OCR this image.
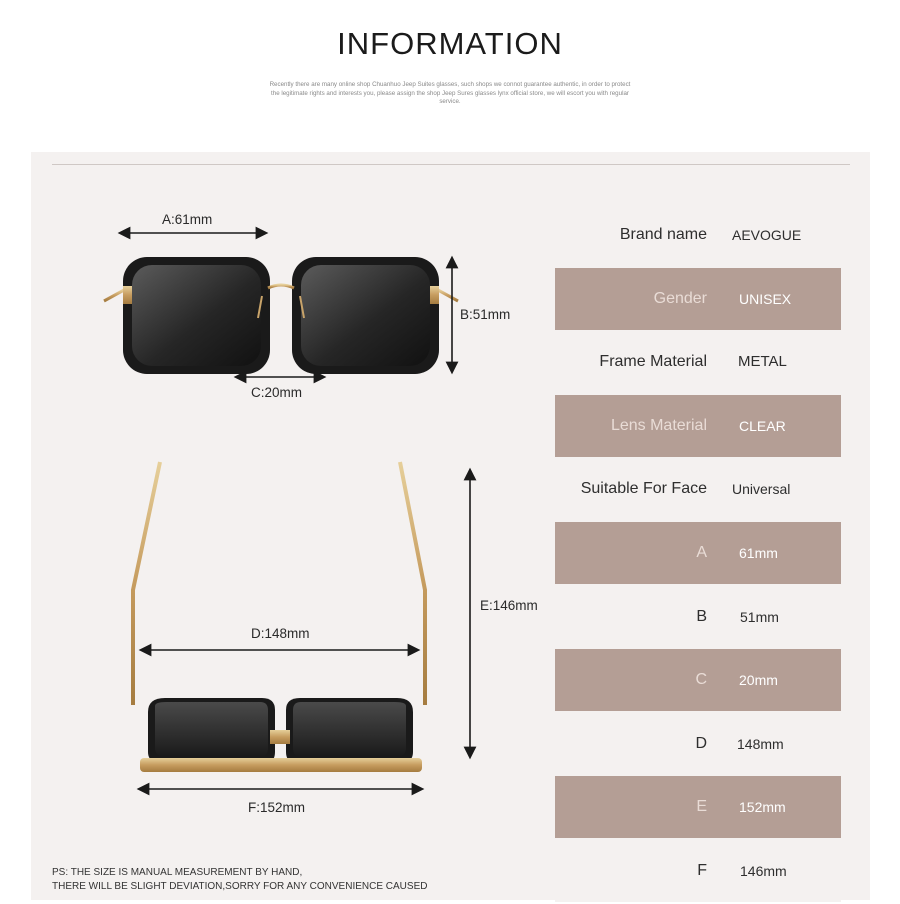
INFORMATION
Recently there are many online shop Chuanhuo Jeep Suites glasses, such shops we connot guarantee authentic, in order to protect the legitimate rights and interests you, please assign the shop Jeep Sures glasses lynx official store, we will escort you with regular service.
A:61mm
B:51mm
C:20mm
D:148mm
E:146mm
F:152mm
Brand name AEVOGUE
Gender UNISEX
Frame Material METAL
Lens Material CLEAR
Suitable For Face Universal
A 61mm
B 51mm
C 20mm
D 148mm
E 152mm
F 146mm
PS: THE SIZE IS MANUAL MEASUREMENT BY HAND,
THERE WILL BE SLIGHT DEVIATION,SORRY FOR ANY CONVENIENCE CAUSED
